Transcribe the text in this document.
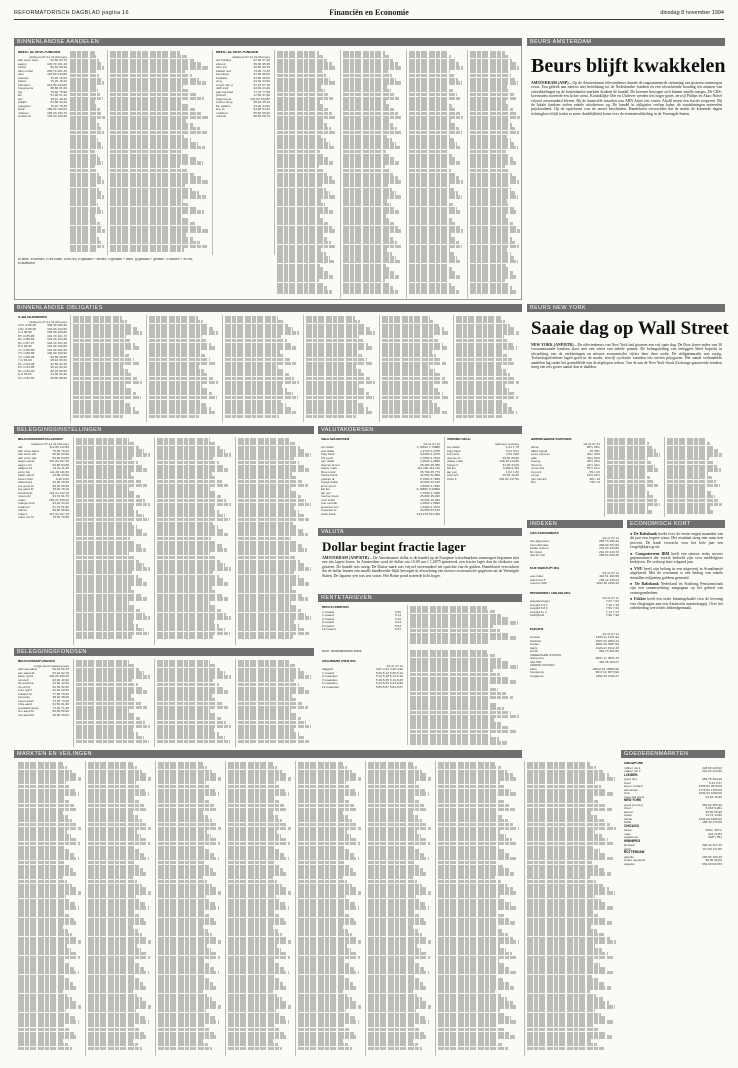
REFORMATORISCH DAGBLAD pagina 16	Financiën en Economie	dinsdag 8 november 1994
BINNENLANDSE AANDELEN
MEEST ACTIEVE FONDSEN
slotkoers 07-11 11.00 koers
abn amro hold	62,60 62,70
aegon	100,70 101,10
ahold	50,40 50,20
akzo nobel	200,70 201,30
dsm	133,50 133,80
elsevier	16,40 16,50
fokker	15,20 15,20
heineken	243,50 244,00
hoogovens	80,80 81,20
ing	75,80 75,90
kln	51,00 51,10
kpn	49,10 49,40
philips	51,80 52,20
polygram	75,10 75,30
shell	189,20 190,00
unilever	193,20 193,70
wolters kl	129,20 129,30
MEEST ACTIEVE FONDSEN
slotkoers 07-11 11.00 koers
acf holding	67,40 67,40
ahrend	95,30 95,30
asm intl	30,50 30,70
ballast ned	73,00 73,30
benckiser	87,90 88,00
boskalis	34,80 35,00
cmg	34,00 34,60
crown van g	67,10 67,10
delft instr	23,30 23,40
gamma hold	77,70 77,90
grolsch	47,50 47,60
hagemeyer	133,00 132,80
hunter doug	65,20 65,10
ihc caland	44,20 44,50
knp bt	53,90 54,30
nedlloyd	55,60 56,00
nutricia	88,50 88,70
a=laten, b=bieden, c=ex-claim, d=ex-div, e=gedaan + bieden, f=gedaan + laten, g=gedaan + gelaten, h=bieden + ex-div, k=laatkoers
BINNENLANDSE OBLIGATIES
STAATSLENINGEN
slotkoers 07-11 11.00 koers
10½ nl 86-96	108,40 108,40
10¼ nl 85-95	103,60 103,60
9 nl 86-96	105,80 105,80
8½ nl 85-95	101,70 101,70
8¾ nl 86-96	104,30 104,30
8¼ nl 87-97	103,10 103,10
8 nl 86-96	102,60 102,60
7¾ nl 88-98	102,30 102,30
7½ nl 88-98	100,90 100,90
7¼ nl 89-99	99,80 99,80
7 nl 93-03	95,40 95,40
6¾ nl 93-08	91,50 91,50
6½ nl 93-05	90,10 90,10
6¼ nl 93-03	89,20 89,20
6 nl 93-01	91,30 91,30
5¾ nl 93-04	86,50 86,50
BELEGGINGSINSTELLINGEN
BELEGGINGSINSTELLINGEN
slotkoers 07-11 11.00 koers
abf	112,80 112,80
abn amro aand	75,90 76,00
abn amro obl	60,90 60,90
abn amro pac	54,50 54,50
aegon aand	107,20 107,20
aegon obl	63,80 63,80
alliance fd	11,20 11,20
amro bel	111,40 111,50
asian select	43,80 43,90
bever hold	8,40 8,40
delta lloyd	44,90 45,00
eur grow fd	59,30 59,30
ing aand fd	78,00 78,10
interbonds	122,10 122,10
mees obl	91,70 91,70
obam	250,20 250,60
orange fund	93,40 93,40
rodamco	51,70 51,80
rolinco	96,60 96,90
robeco	107,00 107,10
unico inv fd	76,50 76,50
BELEGGINGSFONDSEN
BELEGGINGSFONDSEN
vorige koers laatste koers
achmea aand	56,40 56,70
asn aand fd	62,10 62,10
bank ngl fd	100,20 100,20
converti	40,90 40,90
dp america	42,60 42,60
dp obl fd	52,30 52,30
euro spirit	22,40 22,50
holland fd	77,90 78,00
interunie	48,20 48,20
mees aand	73,10 73,20
ohra aand	61,50 61,60
postbank aand	71,30 71,30
sns aand fd	56,80 56,90
vsb aand fd	46,00 46,00
VALUTAKOERSEN
VALUTAKOERSEN
04-11 07-11
am dollar	1,70620 1,70880
aus dollar	1,2730 1,2760
belg frank	5,4380 5,4375
brit pond	2,7560 2,7610
can dollar	1,2540 1,2580
deense kroon	28,480 28,480
duitse mark	112,130 112,110
finse mark	35,760 35,770
franse frank	32,500 32,500
griekse dr	0,7080 0,7090
hongk dollar	22,060 22,100
ierse pond	2,6990 2,7030
ital lire	0,10680 0,10690
jap yen	1,7390 1,7390
noorse kroon	25,280 25,290
oost schill	15,936 15,932
port escudo	1,0960 1,0960
spaanse pes	1,3460 1,3470
zweedse kr	23,550 23,570
zwits frank	134,270 134,300
VREEMD GELD
aankoop verkoop
am dollar	1,61 1,78
belg frank	5,21 5,61
brit pond	2,59 2,89
deense kr	26,80 29,80
duitse mark	109,30 114,80
franse fr	31,00 34,00
ital lire	0,099 0,115
jap yen	1,62 1,82
oost sch	15,45 16,30
zwits fr	130,50 137,50
VALUTA
Dollar begint fractie lager
AMSTERDAM (ANP/RTR) – De Amerikaanse dollar is de handel op de Europese wisselmarkten vanmorgen begonnen met een iets lagere koers. In Amsterdam werd de dollar om 10.00 uur f 1,6875 genoteerd, een fractie lager dan de slotkoers van gisteren. De handel was rustig. De Duitse mark was vrijwel onveranderd ten opzichte van de gulden. Handelaren verwachten dat de dollar binnen een smalle bandbreedte blijft bewegen in afwachting van nieuwe economische gegevens uit de Verenigde Staten. De Japanse yen was iets vaster. Het Britse pond noteerde licht hoger.
RENTETARIEVEN
RENTETARIEVEN
1 maand	5,06
2 maand	5,13
3 maand	5,19
6 maand	5,44
9 maand	5,63
12 maand	5,81
Bron: Nederlandsche Bank
GELDMARKTRENTEN
04-11 07-11
daggeld	4,87-4,93 4,90-4,96
1 maand	5,06-5,12 5,06-5,12
2 maanden	5,12-5,18 5,13-5,19
3 maanden	5,18-5,25 5,19-5,25
6 maanden	5,43-5,50 5,44-5,50
12 maanden	5,80-5,87 5,81-5,87
BEURS AMSTERDAM
Beurs blijft kwakkelen
AMSTERDAM (ANP) – Op de Amsterdamse effectenbeurs duurde de ongeanimeerde stemming van gisteren vanmorgen voort. Een gebrek aan nieuws met betrekking tot de Nederlandse fondsen en een afwachtende houding ten aanzien van ontwikkelingen op de buitenlandse markten drukten de handel. De koersen bewogen zich binnen smalle marges. De CBS-koersindex noteerde een lichte winst. Koninklijke Olie en Unilever werden iets hoger gezet, terwijl Philips en Akzo Nobel vrijwel onveranderd bleven. Bij de financiële waarden was ABN Amro iets vaster. Ahold moest een fractie toegeven. Bij de lokale fondsen vielen enkele uitschieters op. De handel in obligaties verliep kalm; de staatsleningen noteerden prijshoudend. Op de optiebeurs was de omzet bescheiden. Handelaren verwachten dat de markt de komende dagen richtingloos blijft totdat er meer duidelijkheid komt over de renteontwikkeling in de Verenigde Staten.
BEURS NEW YORK
Saaie dag op Wall Street
NEW YORK (ANP/RTR) – De effectenbeurs van New York had gisteren een vrij saaie dag. De Dow Jones-index van 30 vooraanstaande fondsen sloot met een winst van enkele punten. De belangstelling van beleggers bleef beperkt in afwachting van de verkiezingen en nieuwe economische cijfers later deze week. De obligatiemarkt was rustig. Technologiefondsen lagen goed in de markt, terwijl cyclische waarden iets terrein prijsgaven. Het aantal verhandelde aandelen lag onder het gemiddelde van de afgelopen weken. Van de aan de New York Stock Exchange genoteerde fondsen steeg een iets groter aantal dan er daalden.
AMERIKAANSE KOERSEN
04-11 07-11
alcoa	86½ 86¾
allied signal	35 35¼
amer express	30¼ 30⅜
at&t	54⅛ 54⅜
boeing	46½ 46⅝
chevron	44⅝ 44¾
coca cola	51½ 51¾
du pont	59⅞ 60
exxon	61⅜ 61½
gen electric	48¾ 49
ibm	73⅜ 74
INDEXEN
CBS KOERSINDEX
04-11 07-11
cbs-algemeen	258,70 259,40
internationals	283,60 284,50
lokale ondern	234,20 234,80
fin instell	216,30 216,70
niet-fin inst	268,50 269,30
EOE INDEXOPTIES
04-11 07-11
eoe-index	402,51 403,95
dutch top 5	235,12 236,04
eurotop 100	1152,30 1156,40
RENDEMENT OBLIGATIES
04-11 07-11
staatsleningen	7,63 7,63
looptijd 3-5 jr	7,18 7,18
looptijd 5-8 jr	7,59 7,60
looptijd 8+ jr	7,74 7,74
bedrijfsobl	7,98 7,98
EUROPA
04-11 07-11
brussel	1406,11 1401,92
frankfurt	2067,03 2063,14
londen	3081,40 3087,60
parijs	1920,24 1912,15
zurich	863,70 862,50
VERENIGDE STATEN
dow jones	3807,17 3831,75
s&p 500	462,28 463,07
VERRE OOSTEN
tokio	19612,94 19582,68
hongkong	9517,04 9573,90
singapore	2302,45 2311,27
ECONOMISCH KORT

● De Rabobank boekt over de eerste negen maanden van dit jaar een hogere winst. Het resultaat steeg met ruim tien procent. De bank verwacht voor het hele jaar een vergelijkbare groei.

● Computerreus IBM heeft een nieuwe reeks servers gepresenteerd die vooral bedoeld zijn voor middelgrote bedrijven. De verkoop start volgend jaar.

● VNU heeft zijn belang in een uitgeverij in Scandinavië uitgebreid. Met de overname is een bedrag van enkele tientallen miljoenen guldens gemoeid.

● De Rabobank Nederland en Stichting Pensioenfonds zijn een samenwerking aangegaan op het gebied van vermogensbeheer.

● Fokker heeft een order binnengehaald voor de levering van vliegtuigen aan een Aziatische maatschappij. Over het orderbedrag werd niets bekendgemaakt.

MARKTEN EN VEILINGEN	GOEDERENMARKTEN
SINGAPORE
rubber rss 1	228,50 229,00
rubber rss 3	224,00 224,50
LONDEN
goud (fix)	383,75 384,20
zilver	5,24 5,27
koper contant	2565,00 2578,00
aluminium	1778,50 1785,00
zink	1094,00 1099,00
ruwe olie brent	16,82 16,95
NEW YORK
goud (comex)	384,60 385,30
zilver	5,263 5,281
katoen	69,55 69,95
suiker	14,72 14,80
cacao	1291,00 1286,00
koffie	168,40 170,25
CHICAGO
tarwe	395¼ 397¾
mais	218 219½
sojabonen	548½ 551
WINNIPEG
lijnzaad	326,40 327,10
gerst	117,60 117,60
ROTTERDAM
gasolie	148,50 150,25
zware stookolie	98,00 99,00
sojaolie	630,00 632,50
